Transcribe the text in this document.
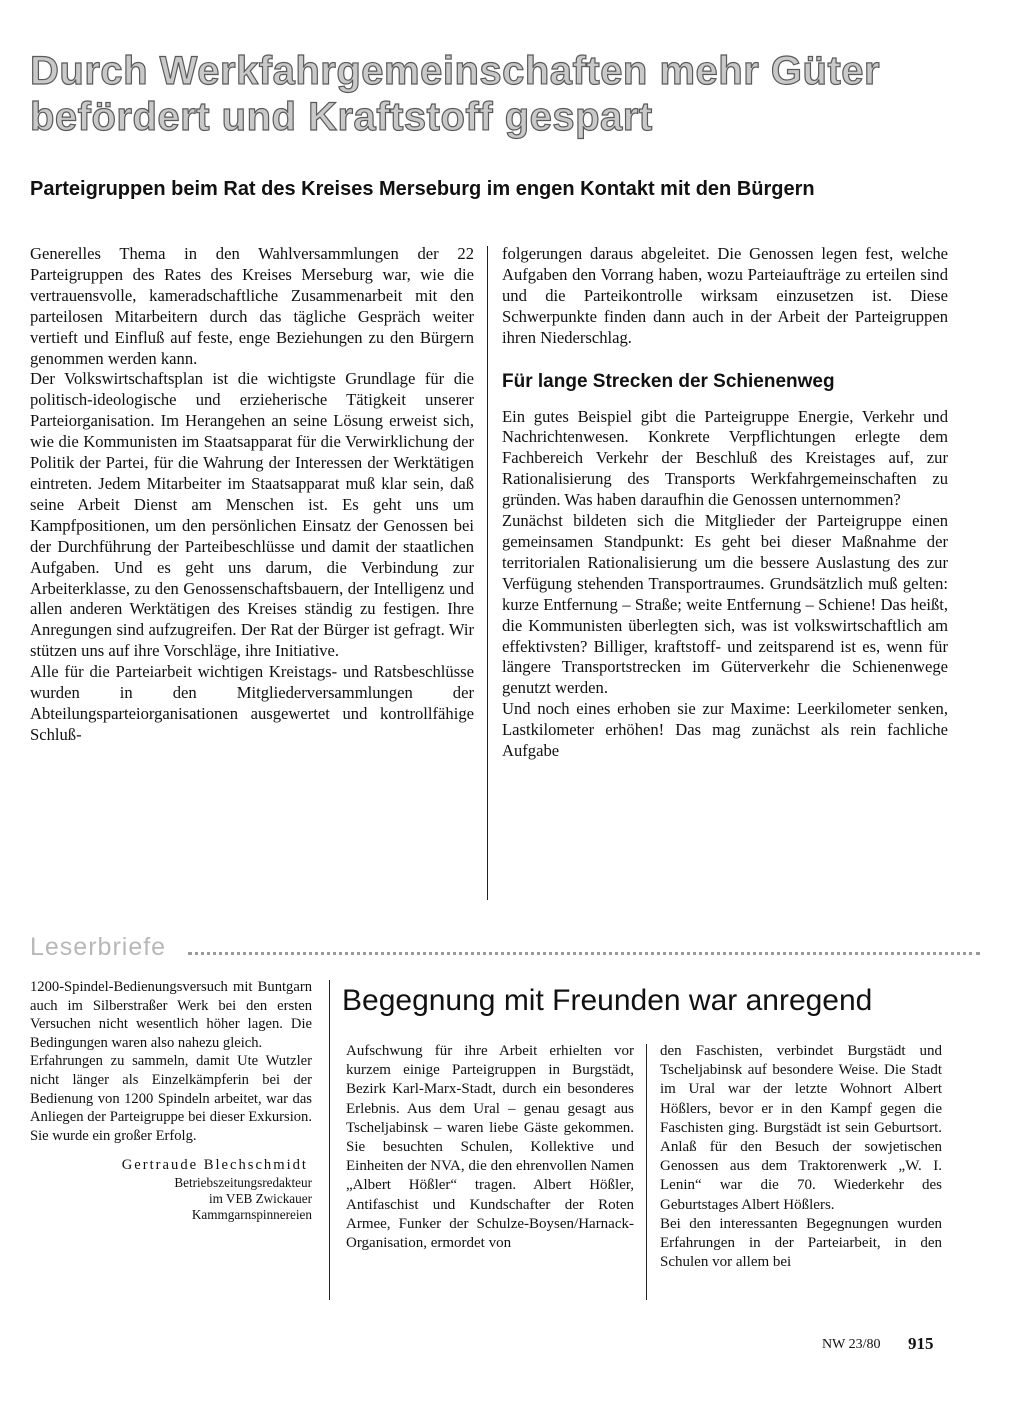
Durch Werkfahrgemeinschaften mehr Güter befördert und Kraftstoff gespart
Parteigruppen beim Rat des Kreises Merseburg im engen Kontakt mit den Bürgern

Generelles Thema in den Wahlversammlungen der 22 Parteigruppen des Rates des Kreises Merseburg war, wie die vertrauensvolle, kameradschaftliche Zusammenarbeit mit den parteilosen Mitarbeitern durch das tägliche Gespräch weiter vertieft und Einfluß auf feste, enge Beziehungen zu den Bürgern genommen werden kann.

Der Volkswirtschaftsplan ist die wichtigste Grundlage für die politisch-ideologische und erzieherische Tätigkeit unserer Parteiorganisation. Im Herangehen an seine Lösung erweist sich, wie die Kommunisten im Staatsapparat für die Verwirklichung der Politik der Partei, für die Wahrung der Interessen der Werktätigen eintreten. Jedem Mitarbeiter im Staatsapparat muß klar sein, daß seine Arbeit Dienst am Menschen ist. Es geht uns um Kampfpositionen, um den persönlichen Einsatz der Genossen bei der Durchführung der Parteibeschlüsse und damit der staatlichen Aufgaben. Und es geht uns darum, die Verbindung zur Arbeiterklasse, zu den Genossenschaftsbauern, der Intelligenz und allen anderen Werktätigen des Kreises ständig zu festigen. Ihre Anregungen sind aufzugreifen. Der Rat der Bürger ist gefragt. Wir stützen uns auf ihre Vorschläge, ihre Initiative.

Alle für die Parteiarbeit wichtigen Kreistags- und Ratsbeschlüsse wurden in den Mitgliederversammlungen der Abteilungsparteiorganisationen ausgewertet und kontrollfähige Schluß-

folgerungen daraus abgeleitet. Die Genossen legen fest, welche Aufgaben den Vorrang haben, wozu Parteiaufträge zu erteilen sind und die Parteikontrolle wirksam einzusetzen ist. Diese Schwerpunkte finden dann auch in der Arbeit der Parteigruppen ihren Niederschlag.

Für lange Strecken der Schienenweg

Ein gutes Beispiel gibt die Parteigruppe Energie, Verkehr und Nachrichtenwesen. Konkrete Verpflichtungen erlegte dem Fachbereich Verkehr der Beschluß des Kreistages auf, zur Rationalisierung des Transports Werkfahrgemeinschaften zu gründen. Was haben daraufhin die Genossen unternommen?

Zunächst bildeten sich die Mitglieder der Parteigruppe einen gemeinsamen Standpunkt: Es geht bei dieser Maßnahme der territorialen Rationalisierung um die bessere Auslastung des zur Verfügung stehenden Transportraumes. Grundsätzlich muß gelten: kurze Entfernung – Straße; weite Entfernung – Schiene! Das heißt, die Kommunisten überlegten sich, was ist volkswirtschaftlich am effektivsten? Billiger, kraftstoff- und zeitsparend ist es, wenn für längere Transportstrecken im Güterverkehr die Schienenwege genutzt werden.

Und noch eines erhoben sie zur Maxime: Leerkilometer senken, Lastkilometer erhöhen! Das mag zunächst als rein fachliche Aufgabe

Leserbriefe

1200-Spindel-Bedienungsversuch mit Buntgarn auch im Silberstraßer Werk bei den ersten Versuchen nicht wesentlich höher lagen. Die Bedingungen waren also nahezu gleich.

Erfahrungen zu sammeln, damit Ute Wutzler nicht länger als Einzelkämpferin bei der Bedienung von 1200 Spindeln arbeitet, war das Anliegen der Parteigruppe bei dieser Exkursion. Sie wurde ein großer Erfolg.

Gertraude Blechschmidt
Betriebszeitungsredakteur
im VEB Zwickauer
Kammgarnspinnereien
Begegnung mit Freunden war anregend

Aufschwung für ihre Arbeit erhielten vor kurzem einige Parteigruppen in Burgstädt, Bezirk Karl-Marx-Stadt, durch ein besonderes Erlebnis. Aus dem Ural – genau gesagt aus Tscheljabinsk – waren liebe Gäste gekommen. Sie besuchten Schulen, Kollektive und Einheiten der NVA, die den ehrenvollen Namen „Albert Hößler“ tragen. Albert Hößler, Antifaschist und Kundschafter der Roten Armee, Funker der Schulze-Boysen/Harnack-Organisation, ermordet von

den Faschisten, verbindet Burgstädt und Tscheljabinsk auf besondere Weise. Die Stadt im Ural war der letzte Wohnort Albert Hößlers, bevor er in den Kampf gegen die Faschisten ging. Burgstädt ist sein Geburtsort. Anlaß für den Besuch der sowjetischen Genossen aus dem Traktorenwerk „W. I. Lenin“ war die 70. Wiederkehr des Geburtstages Albert Hößlers.

Bei den interessanten Begegnungen wurden Erfahrungen in der Parteiarbeit, in den Schulen vor allem bei

NW 23/80 915
